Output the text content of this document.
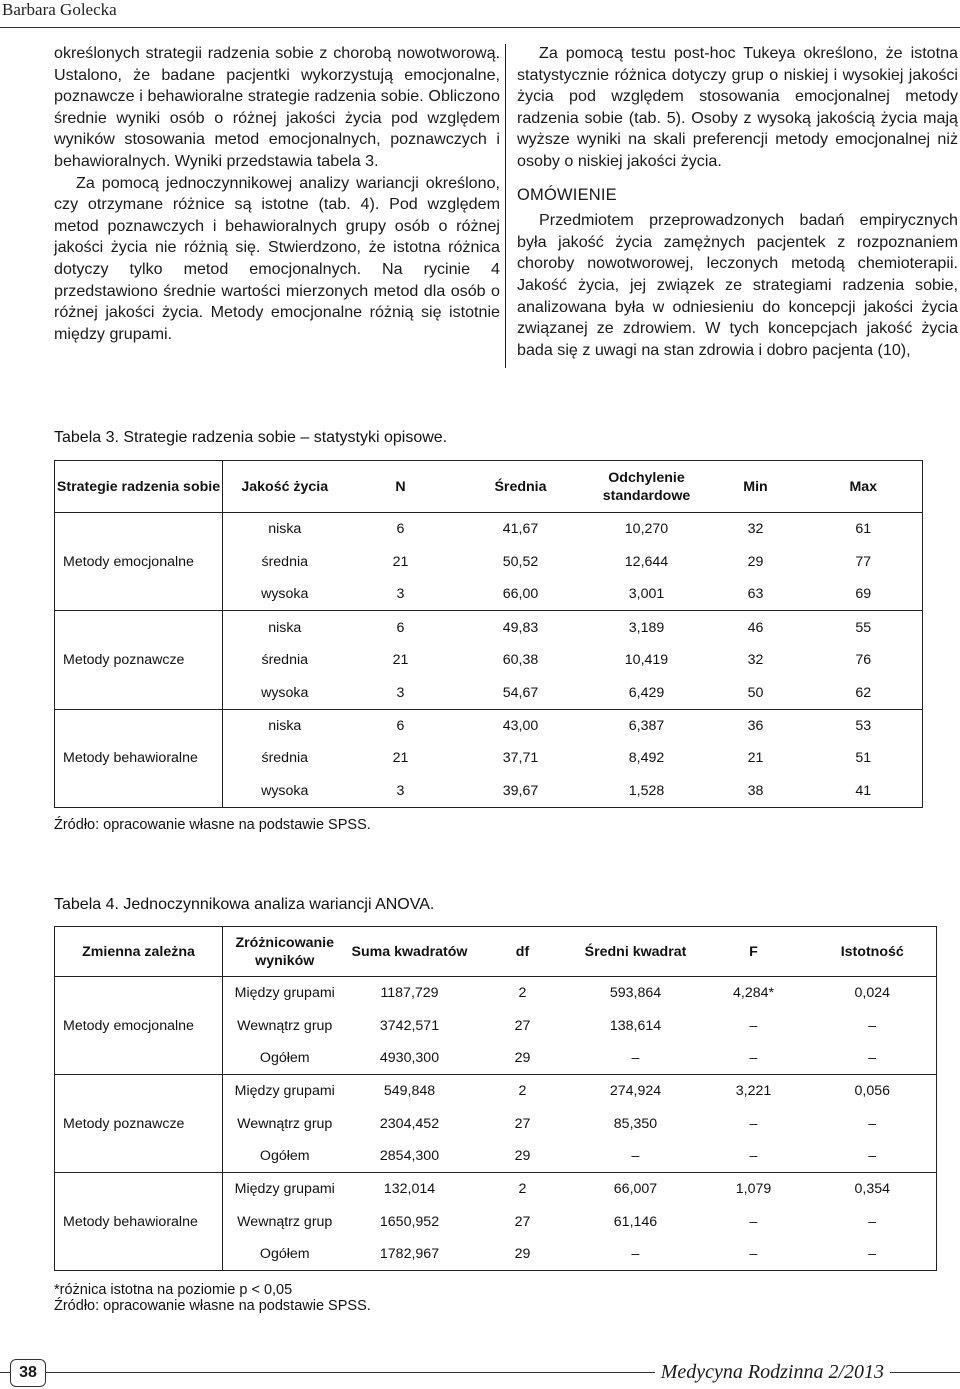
Barbara Golecka

określonych strategii radzenia sobie z chorobą nowotworową. Ustalono, że badane pacjentki wykorzystują emocjonalne, poznawcze i behawioralne strategie radzenia sobie. Obliczono średnie wyniki osób o różnej jakości życia pod względem wyników stosowania metod emocjonalnych, poznawczych i behawioralnych. Wyniki przedstawia tabela 3.

Za pomocą jednoczynnikowej analizy wariancji określono, czy otrzymane różnice są istotne (tab. 4). Pod względem metod poznawczych i behawioralnych grupy osób o różnej jakości życia nie różnią się. Stwierdzono, że istotna różnica dotyczy tylko metod emocjonalnych. Na rycinie 4 przedstawiono średnie wartości mierzonych metod dla osób o różnej jakości życia. Metody emocjonalne różnią się istotnie między grupami.

Za pomocą testu post-hoc Tukeya określono, że istotna statystycznie różnica dotyczy grup o niskiej i wysokiej jakości życia pod względem stosowania emocjonalnej metody radzenia sobie (tab. 5). Osoby z wysoką jakością życia mają wyższe wyniki na skali preferencji metody emocjonalnej niż osoby o niskiej jakości życia.

OMÓWIENIE

Przedmiotem przeprowadzonych badań empirycznych była jakość życia zamężnych pacjentek z rozpoznaniem choroby nowotworowej, leczonych metodą chemioterapii. Jakość życia, jej związek ze strategiami radzenia sobie, analizowana była w odniesieniu do koncepcji jakości życia związanej ze zdrowiem. W tych koncepcjach jakość życia bada się z uwagi na stan zdrowia i dobro pacjenta (10),

Tabela 3. Strategie radzenia sobie – statystyki opisowe.
Strategie radzenia sobie	Jakość życia	N	Średnia	Odchylenie standardowe	Min	Max
Metody emocjonalne	niska	6	41,67	10,270	32	61
	średnia	21	50,52	12,644	29	77
	wysoka	3	66,00	3,001	63	69
Metody poznawcze	niska	6	49,83	3,189	46	55
	średnia	21	60,38	10,419	32	76
	wysoka	3	54,67	6,429	50	62
Metody behawioralne	niska	6	43,00	6,387	36	53
	średnia	21	37,71	8,492	21	51
	wysoka	3	39,67	1,528	38	41
Źródło: opracowanie własne na podstawie SPSS.
Tabela 4. Jednoczynnikowa analiza wariancji ANOVA.
Zmienna zależna	Zróżnicowanie wyników	Suma kwadratów	df	Średni kwadrat	F	Istotność
Metody emocjonalne	Między grupami	1187,729	2	593,864	4,284*	0,024
	Wewnątrz grup	3742,571	27	138,614	–	–
	Ogółem	4930,300	29	–	–	–
Metody poznawcze	Między grupami	549,848	2	274,924	3,221	0,056
	Wewnątrz grup	2304,452	27	85,350	–	–
	Ogółem	2854,300	29	–	–	–
Metody behawioralne	Między grupami	132,014	2	66,007	1,079	0,354
	Wewnątrz grup	1650,952	27	61,146	–	–
	Ogółem	1782,967	29	–	–	–
*różnica istotna na poziomie p < 0,05
Źródło: opracowanie własne na podstawie SPSS.
38	Medycyna Rodzinna 2/2013
